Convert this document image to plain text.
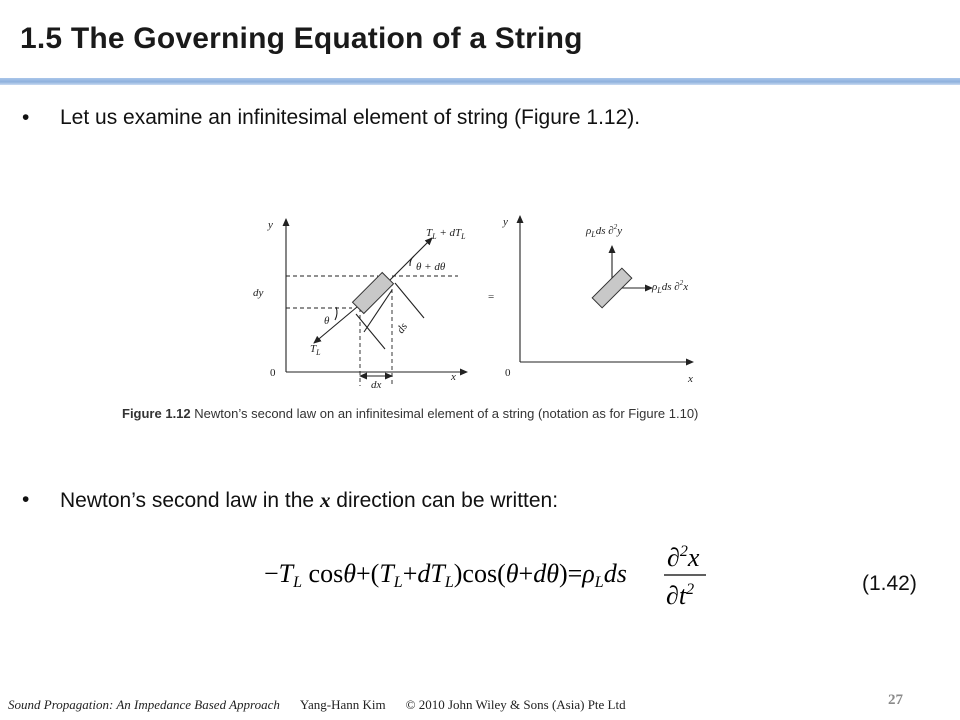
1.5 The Governing Equation of a String
• Let us examine an infinitesimal element of string (Figure 1.12).
y
x
0
y
x
0
=
$T_L + dT_L$
θ + dθ
dy
θ	ds
$T_L$
dx
$\rho_Lds$ ∂$^2$y
$\rho_Lds$ ∂$^2$x
Figure 1.12 Newton’s second law on an infinitesimal element of a string (notation as for Figure 1.10)
• Newton’s second law in the x direction can be written:
−TL cosθ+(TL+dTL)cos(θ+dθ)=ρLds
∂2x
∂t2	(1.42)
Sound Propagation: An Impedance Based Approach Yang-Hann Kim © 2010 John Wiley & Sons (Asia) Pte Ltd	27
